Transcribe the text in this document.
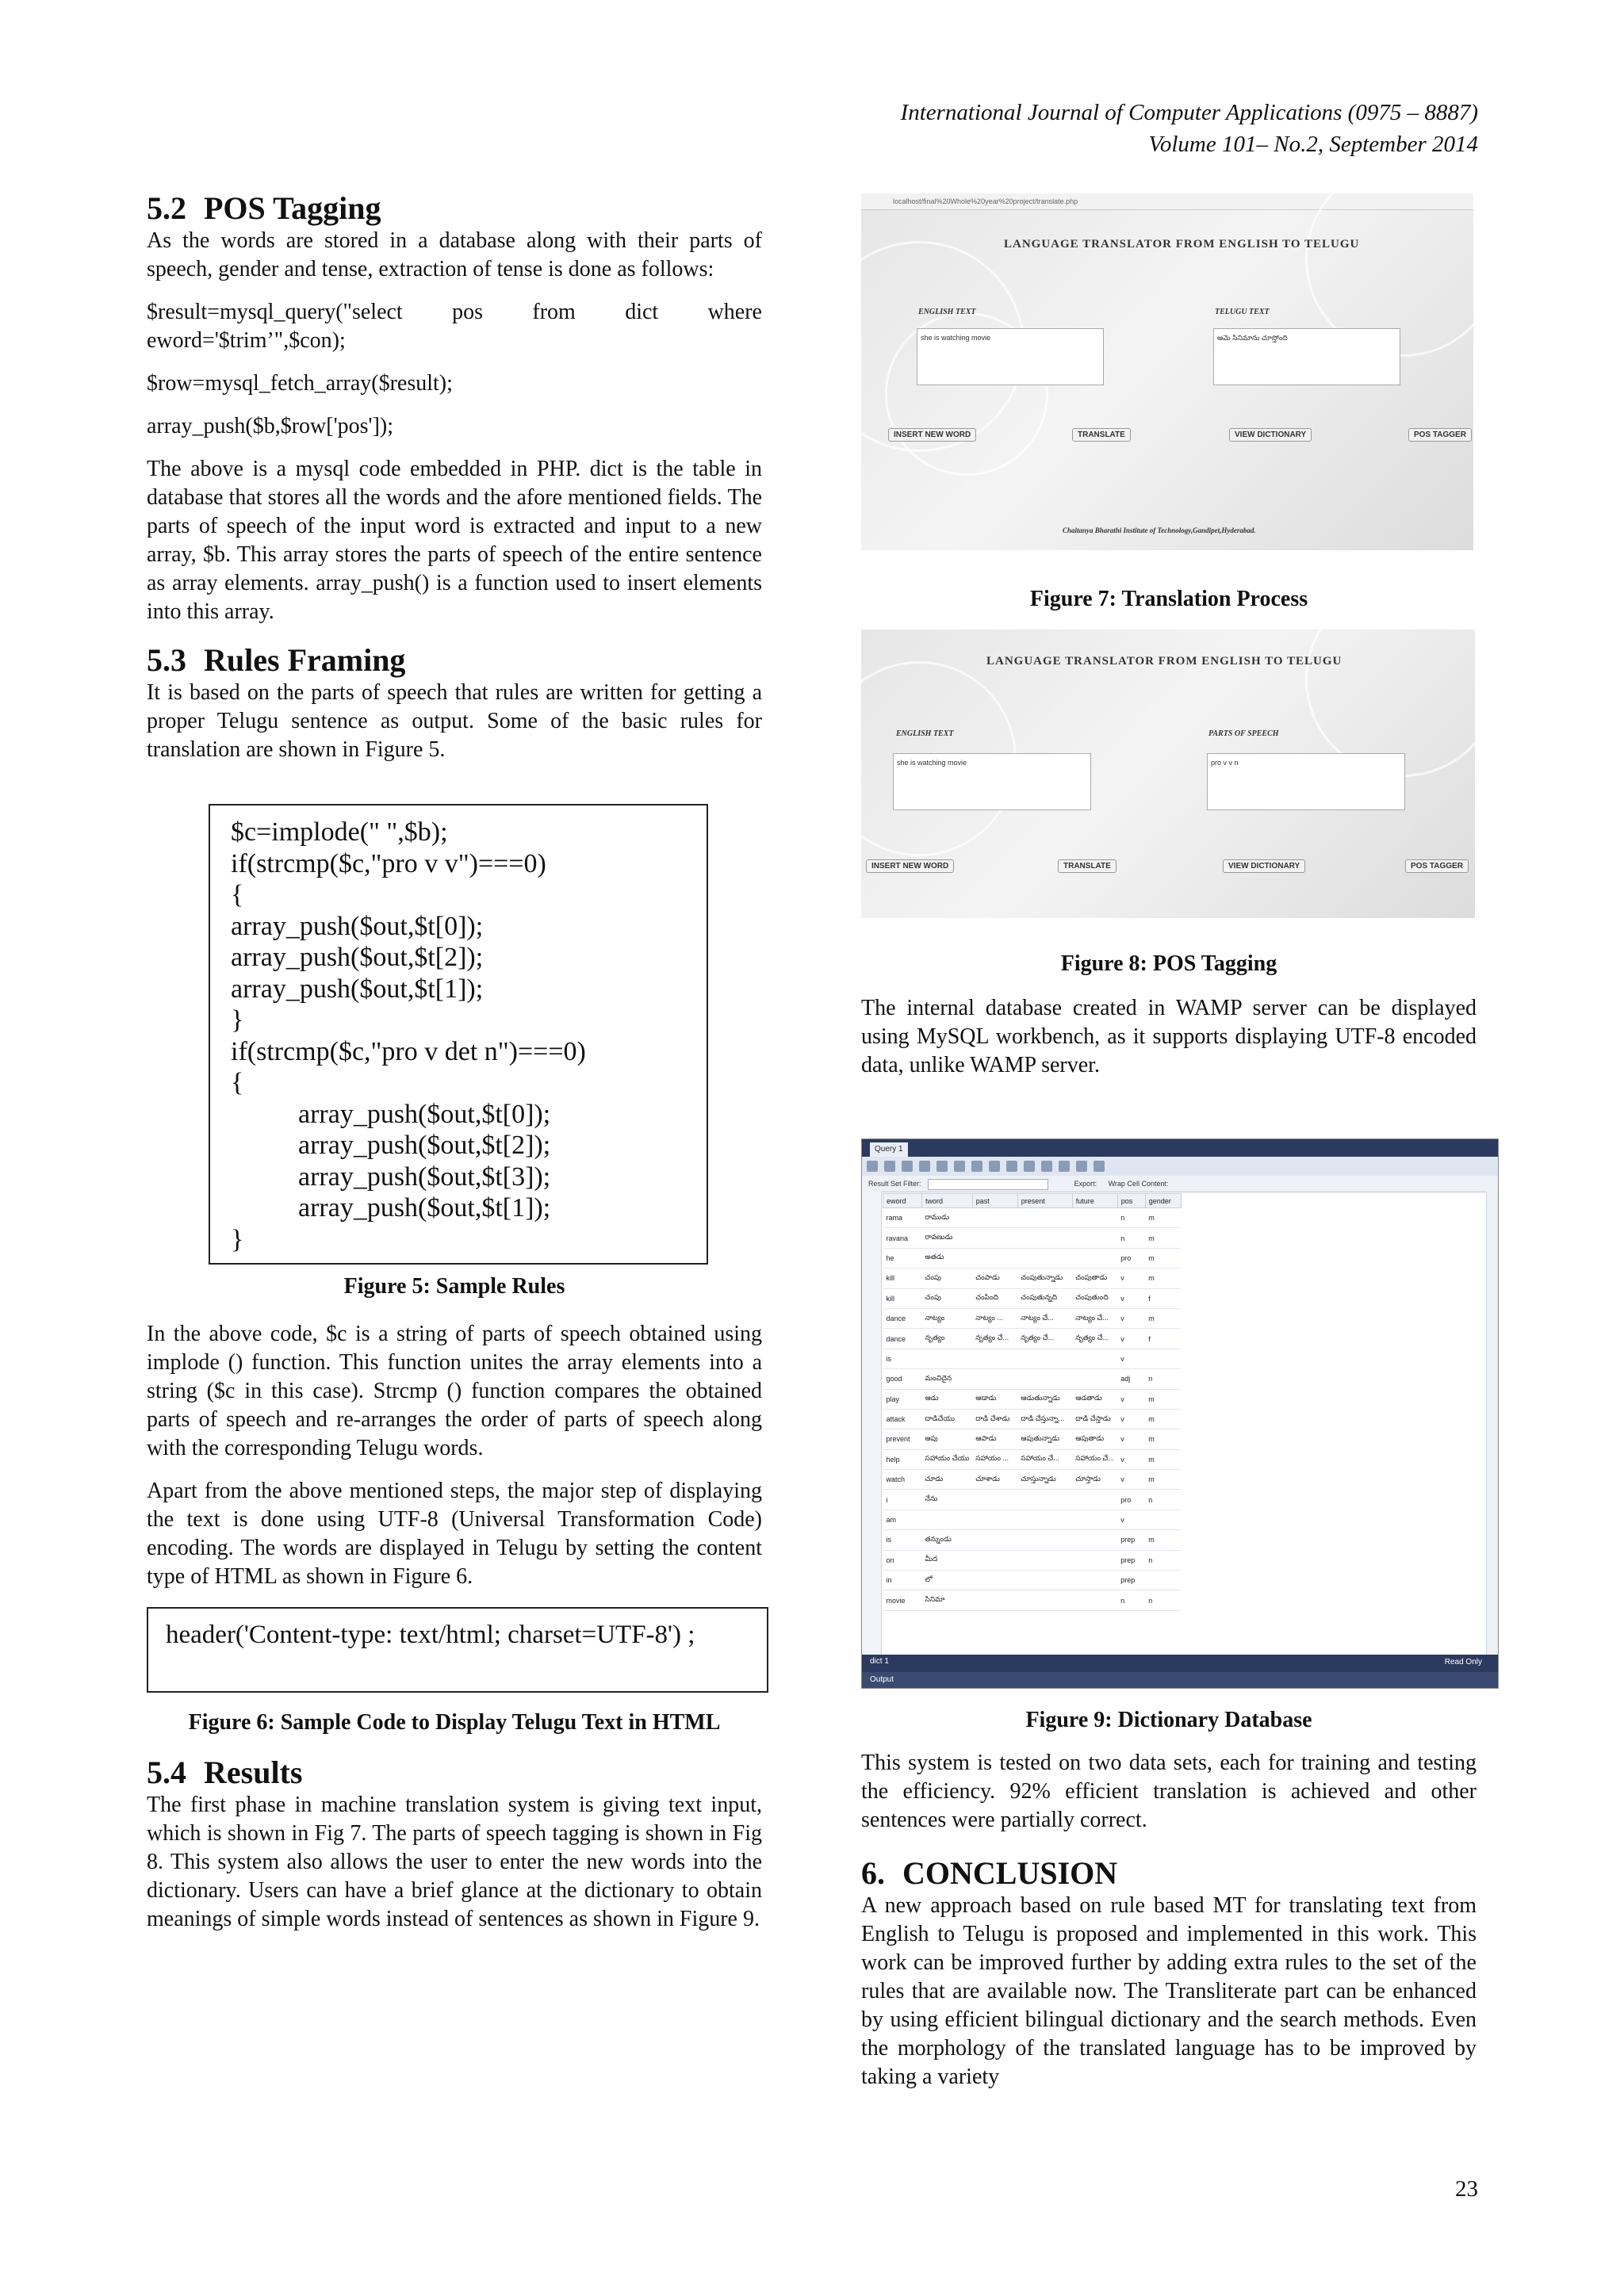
International Journal of Computer Applications (0975 – 8887)
Volume 101– No.2, September 2014
5.2 POS Tagging

As the words are stored in a database along with their parts of speech, gender and tense, extraction of tense is done as follows:

$result=mysql_query("select pos from dict where eword='$trim’",$con);

$row=mysql_fetch_array($result);

array_push($b,$row['pos']);

The above is a mysql code embedded in PHP. dict is the table in database that stores all the words and the afore mentioned fields. The parts of speech of the input word is extracted and input to a new array, $b. This array stores the parts of speech of the entire sentence as array elements. array_push() is a function used to insert elements into this array.

5.3 Rules Framing

It is based on the parts of speech that rules are written for getting a proper Telugu sentence as output. Some of the basic rules for translation are shown in Figure 5.

$c=implode(" ",$b);
if(strcmp($c,"pro v v")===0)
{
array_push($out,$t[0]);
array_push($out,$t[2]);
array_push($out,$t[1]);
}
if(strcmp($c,"pro v det n")===0)
{
array_push($out,$t[0]);
array_push($out,$t[2]);
array_push($out,$t[3]);
array_push($out,$t[1]);
}

Figure 5: Sample Rules

In the above code, $c is a string of parts of speech obtained using implode () function. This function unites the array elements into a string ($c in this case). Strcmp () function compares the obtained parts of speech and re-arranges the order of parts of speech along with the corresponding Telugu words.

Apart from the above mentioned steps, the major step of displaying the text is done using UTF-8 (Universal Transformation Code) encoding. The words are displayed in Telugu by setting the content type of HTML as shown in Figure 6.

header('Content-type: text/html; charset=UTF-8') ;

Figure 6: Sample Code to Display Telugu Text in HTML

5.4 Results

The first phase in machine translation system is giving text input, which is shown in Fig 7. The parts of speech tagging is shown in Fig 8. This system also allows the user to enter the new words into the dictionary. Users can have a brief glance at the dictionary to obtain meanings of simple words instead of sentences as shown in Figure 9.

localhost/final%20Whole%20year%20project/translate.php
LANGUAGE TRANSLATOR FROM ENGLISH TO TELUGU
ENGLISH TEXT	TELUGU TEXT
she is watching movie	ఆమె సినిమాను చూస్తోంది
INSERT NEW WORD	TRANSLATE	VIEW DICTIONARY	POS TAGGER
Chaitanya Bharathi Institute of Technology,Gandipet,Hyderabad.

Figure 7: Translation Process

LANGUAGE TRANSLATOR FROM ENGLISH TO TELUGU
ENGLISH TEXT	PARTS OF SPEECH
she is watching movie	pro v v n
INSERT NEW WORD	TRANSLATE	VIEW DICTIONARY	POS TAGGER

Figure 8: POS Tagging

The internal database created in WAMP server can be displayed using MySQL workbench, as it supports displaying UTF-8 encoded data, unlike WAMP server.

Query 1
Result Set Filter:	Export: Wrap Cell Content:
eword	tword	past	present	future	pos	gender
rama	రాముడు				n	m
ravana	రావణుడు				n	m
he	అతడు				pro	m
kill	చంపు	చంపాడు	చంపుతున్నాడు	చంపుతాడు	v	m
kill	చంపు	చంపింది	చంపుతున్నది	చంపుతుంది	v	f
dance	నాట్యం	నాట్యం ...	నాట్యం చే...	నాట్యం చే...	v	m
dance	నృత్యం	నృత్యం చే...	నృత్యం చే...	నృత్యం చే...	v	f
is					v	
good	మంచిదైన				adj	n
play	ఆడు	ఆడాడు	ఆడుతున్నాడు	ఆడతాడు	v	m
attack	దాడిచేయు	దాడి చేశాడు	దాడి చేస్తున్నా...	దాడి చేస్తాడు	v	m
prevent	ఆపు	ఆపాడు	ఆపుతున్నాడు	ఆపుతాడు	v	m
help	సహాయం చేయు	సహాయం ...	సహాయం చే...	సహాయం చే...	v	m
watch	చూడు	చూశాడు	చూస్తున్నాడు	చూస్తాడు	v	m
i	నేను				pro	n
am					v	
is	తన్నుండు				prep	m
on	మీద				prep	n
in	లో				prep	
movie	సినిమా				n	n
dict 1	Read Only
Output

Figure 9: Dictionary Database

This system is tested on two data sets, each for training and testing the efficiency. 92% efficient translation is achieved and other sentences were partially correct.

6. CONCLUSION

A new approach based on rule based MT for translating text from English to Telugu is proposed and implemented in this work. This work can be improved further by adding extra rules to the set of the rules that are available now. The Transliterate part can be enhanced by using efficient bilingual dictionary and the search methods. Even the morphology of the translated language has to be improved by taking a variety

23
